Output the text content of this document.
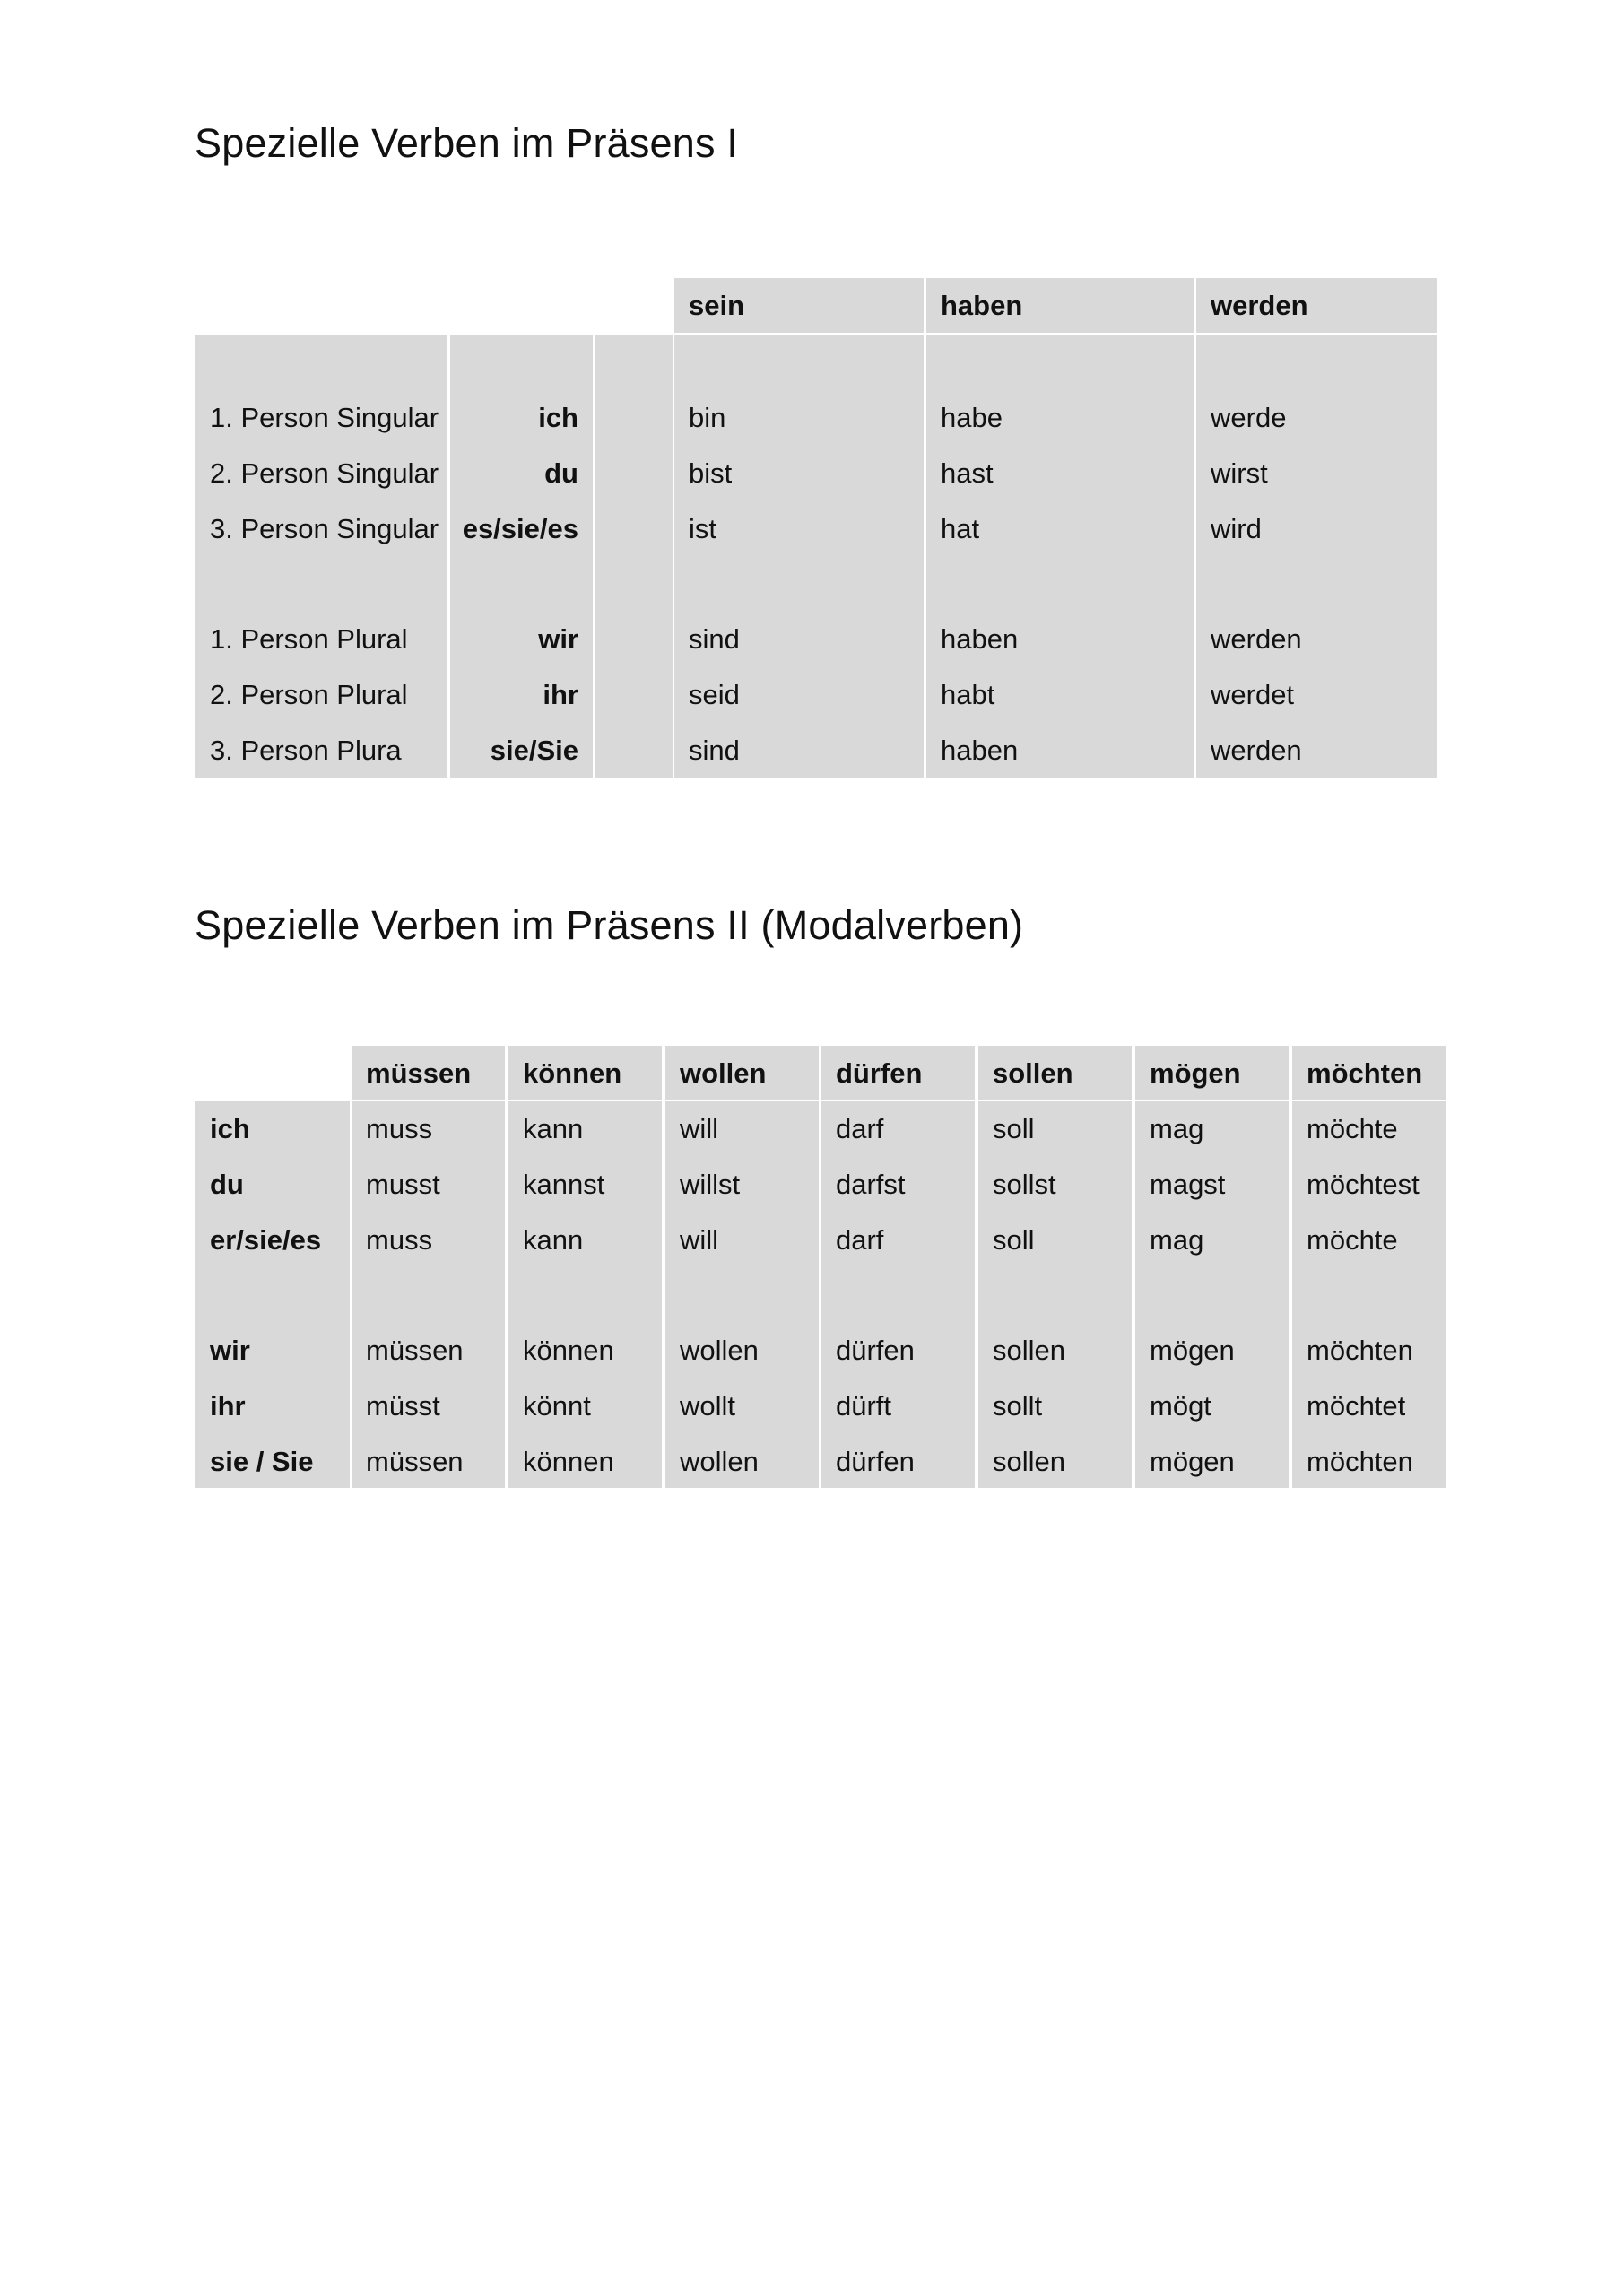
Spezielle Verben im Präsens I
sein	haben	werden
1. Person Singular
2. Person Singular
3. Person Singular
1. Person Plural
2. Person Plural
3. Person Plura
ich
du
es/sie/es
wir
ihr
sie/Sie
bin
bist
ist
sind
seid
sind
habe
hast
hat
haben
habt
haben
werde
wirst
wird
werden
werdet
werden
Spezielle Verben im Präsens II (Modalverben)
ich
du
er/sie/es
wir
ihr
sie / Sie
müssen
muss
musst
muss
müssen
müsst
müssen
können
kann
kannst
kann
können
könnt
können
wollen
will
willst
will
wollen
wollt
wollen
dürfen
darf
darfst
darf
dürfen
dürft
dürfen
sollen
soll
sollst
soll
sollen
sollt
sollen
mögen
mag
magst
mag
mögen
mögt
mögen
möchten
möchte
möchtest
möchte
möchten
möchtet
möchten
